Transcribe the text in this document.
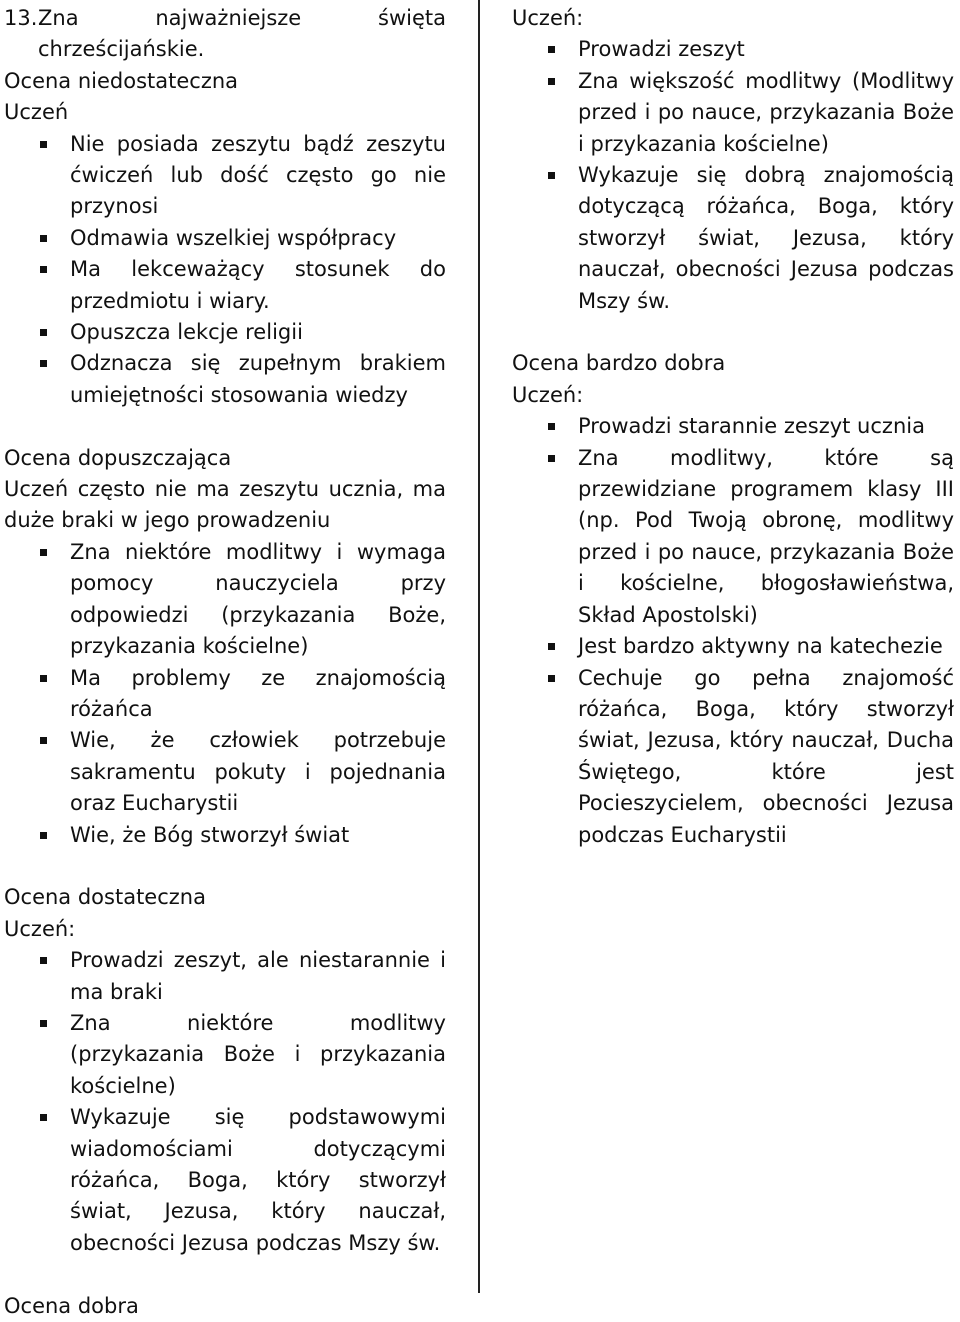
13. Zna	najważniejsze	święta

chrześcijańskie.

Ocena niedostateczna

Uczeń

Nie posiada zeszytu bądź zeszytu ćwiczeń lub dość często go nie przynosi
Odmawia wszelkiej współpracy
Ma lekceważący stosunek do przedmiotu i wiary.
Opuszcza lekcje religii
Odznacza się zupełnym brakiem umiejętności stosowania wiedzy

Ocena dopuszczająca

Uczeń często nie ma zeszytu ucznia, ma duże braki w jego prowadzeniu

Zna niektóre modlitwy i wymaga pomocy nauczyciela przy odpowiedzi (przykazania Boże, przykazania kościelne)
Ma problemy ze znajomością różańca
Wie, że człowiek potrzebuje sakramentu pokuty i pojednania oraz Eucharystii
Wie, że Bóg stworzył świat

Ocena dostateczna

Uczeń:

Prowadzi zeszyt, ale niestarannie i ma braki
Zna niektóre modlitwy (przykazania Boże i przykazania kościelne)
Wykazuje się podstawowymi wiadomościami dotyczącymi różańca, Boga, który stworzył świat, Jezusa, który nauczał, obecności Jezusa podczas Mszy św.

Ocena dobra

Uczeń:

Prowadzi zeszyt
Zna większość modlitwy (Modlitwy przed i po nauce, przykazania Boże i przykazania kościelne)
Wykazuje się dobrą znajomością dotyczącą różańca, Boga, który stworzył świat, Jezusa, który nauczał, obecności Jezusa podczas Mszy św.

Ocena bardzo dobra

Uczeń:

Prowadzi starannie zeszyt ucznia
Zna modlitwy, które są przewidziane programem klasy III (np. Pod Twoją obronę, modlitwy przed i po nauce, przykazania Boże i kościelne, błogosławieństwa, Skład Apostolski)
Jest bardzo aktywny na katechezie
Cechuje go pełna znajomość różańca, Boga, który stworzył świat, Jezusa, który nauczał, Ducha Świętego, które jest Pocieszycielem, obecności Jezusa podczas Eucharystii
